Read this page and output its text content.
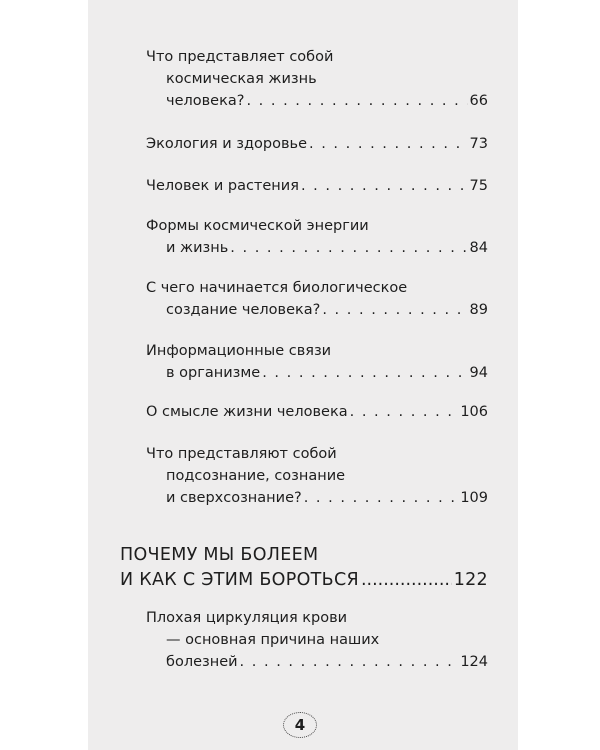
Что представляет собой
космическая жизнь
человека? . . .	66
Экология и здоровье . . .	73
Человек и растения . . .	75
Формы космической энергии
и жизнь . . .	84
С чего начинается биологическое
создание человека? . . .	89
Информационные связи
в организме . . .	94
О смысле жизни человека . . .	106
Что представляют собой
подсознание, сознание
и сверхсознание? . . .	109
ПОЧЕМУ МЫ БОЛЕЕМ
И КАК С ЭТИМ БОРОТЬСЯ .....	122
Плохая циркуляция крови
— основная причина наших
болезней . . .	124
4
